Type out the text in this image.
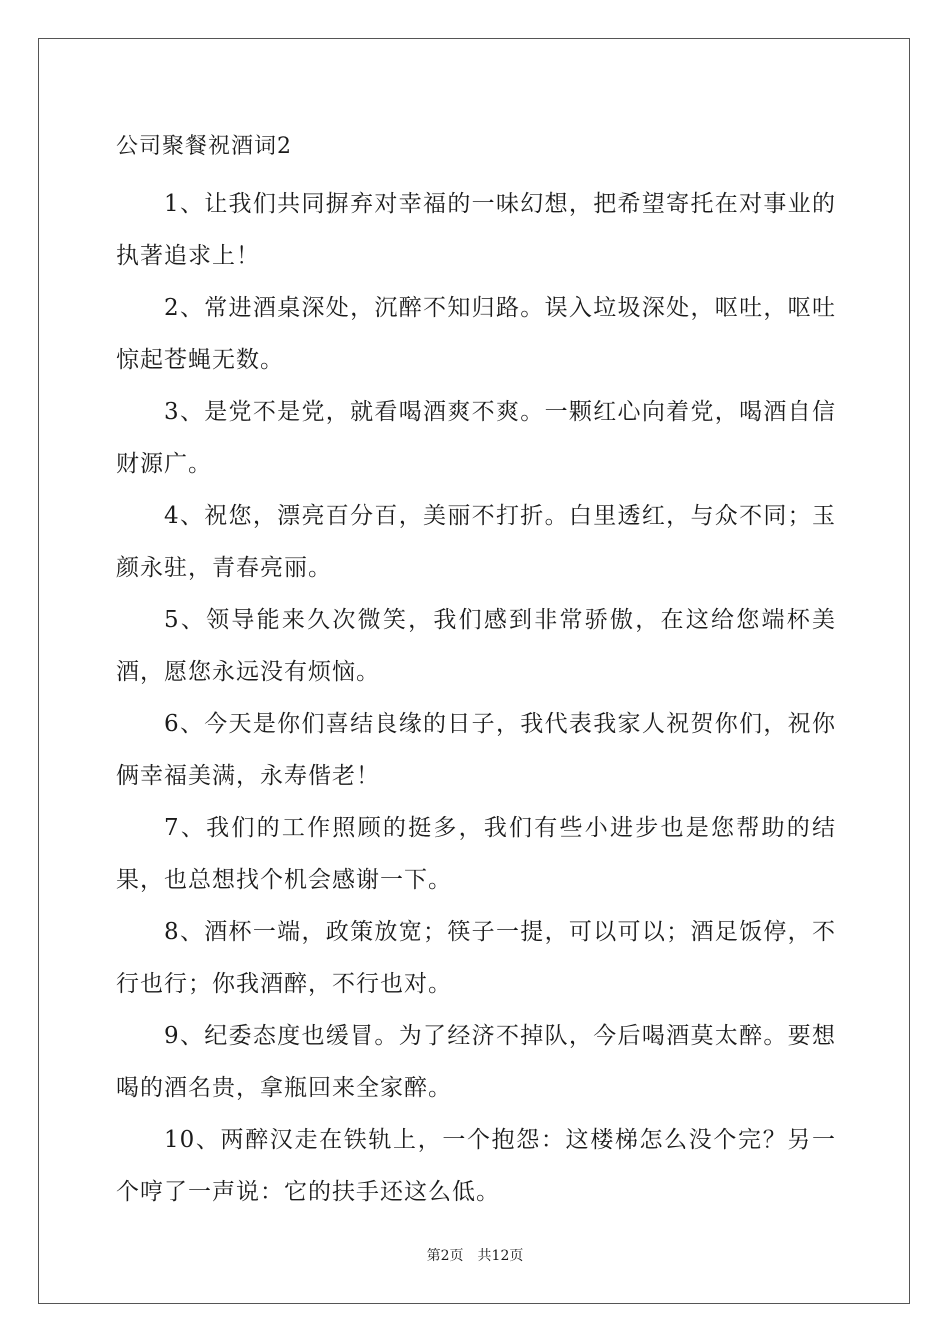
公司聚餐祝酒词2

1、让我们共同摒弃对幸福的一味幻想，把希望寄托在对事业的执著追求上！

2、常进酒桌深处，沉醉不知归路。误入垃圾深处，呕吐，呕吐惊起苍蝇无数。

3、是党不是党，就看喝酒爽不爽。一颗红心向着党，喝酒自信财源广。

4、祝您，漂亮百分百，美丽不打折。白里透红，与众不同；玉颜永驻，青春亮丽。

5、领导能来久次微笑，我们感到非常骄傲，在这给您端杯美酒，愿您永远没有烦恼。

6、今天是你们喜结良缘的日子，我代表我家人祝贺你们，祝你俩幸福美满，永寿偕老！

7、我们的工作照顾的挺多，我们有些小进步也是您帮助的结果，也总想找个机会感谢一下。

8、酒杯一端，政策放宽；筷子一提，可以可以；酒足饭停，不行也行；你我酒醉，不行也对。

9、纪委态度也缓冒。为了经济不掉队，今后喝酒莫太醉。要想喝的酒名贵，拿瓶回来全家醉。

10、两醉汉走在铁轨上，一个抱怨：这楼梯怎么没个完？另一个哼了一声说：它的扶手还这么低。

第2页　共12页
